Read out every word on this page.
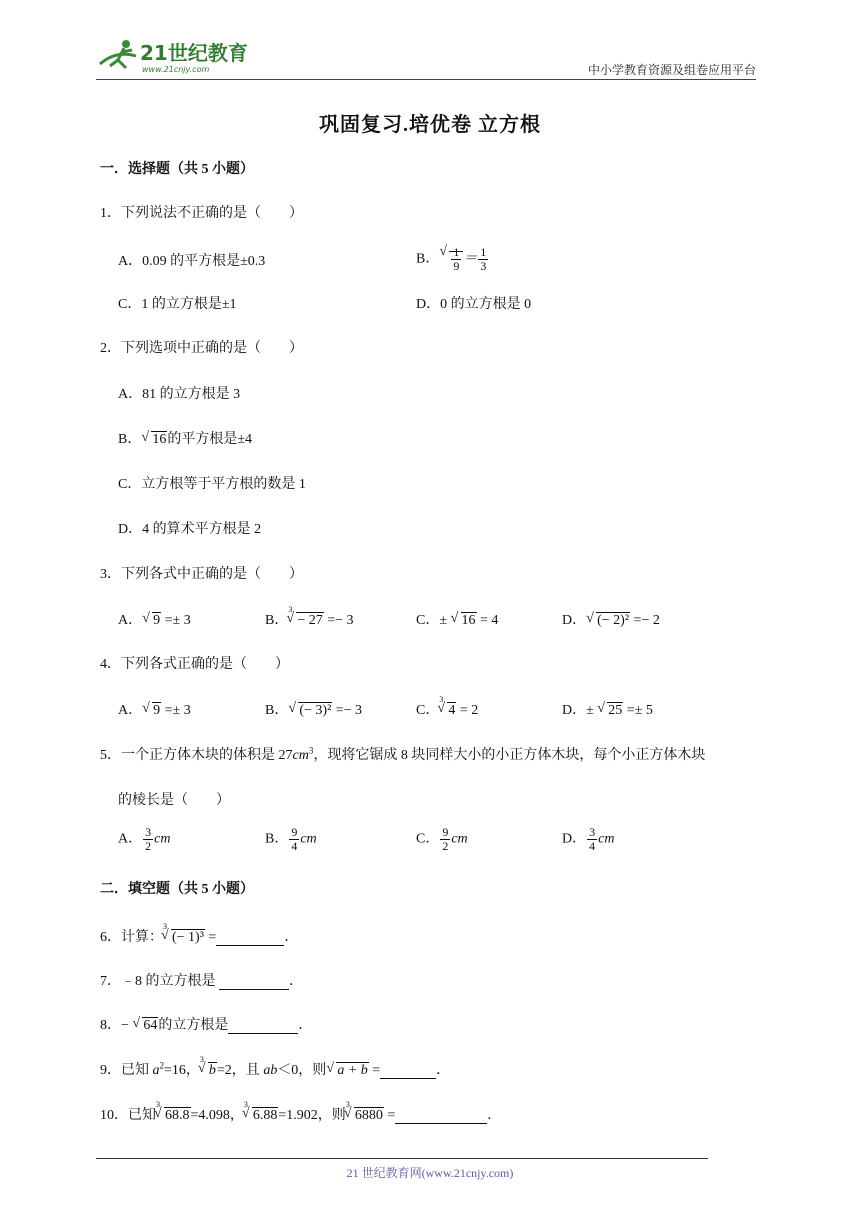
21世纪教育
www.21cnjy.com	中小学教育资源及组卷应用平台
巩固复习.培优卷 立方根
一．选择题（共 5 小题）
1．下列说法不正确的是（　　）
A．0.09 的平方根是±0.3	B． √ $\frac{1}{9} = \frac{1}{3}$
C．1 的立方根是±1	D．0 的立方根是 0
2．下列选项中正确的是（　　）
A．81 的立方根是 3
B． √ 16的平方根是±4
C．立方根等于平方根的数是 1
D．4 的算术平方根是 2
3．下列各式中正确的是（　　）
A． √ 9 =± 3	B．$^3$√ − 27 =− 3	C．± √ 16 = 4	D． √ (− 2)² =− 2
4．下列各式正确的是（　　）
A． √ 9 =± 3	B． √ (− 3)² =− 3	C．$^3$√ 4 = 2	D．± √ 25 =± 5
5．一个正方体木块的体积是 $27cm^3$，现将它锯成 8 块同样大小的小正方体木块，每个小正方体木块
的棱长是（　　）
A． $\frac{3}{2}$ cm	B． $\frac{9}{4}$ cm	C． $\frac{9}{2}$ cm	D． $\frac{3}{4}$ cm
二．填空题（共 5 小题）
6．计算：$^3$√ (− 1)³ =	．
7．﹣8 的立方根是	．
8．− √ 64的立方根是	．
9．已知 $a^2=16$，$^3$√ b=2，且 ab＜0，则 √ a + b =	．
10．已知$^3$√ 68.8=4.098，$^3$√ 6.88=1.902，则$^3$√ 6880 =	．
21 世纪教育网(www.21cnjy.com)
